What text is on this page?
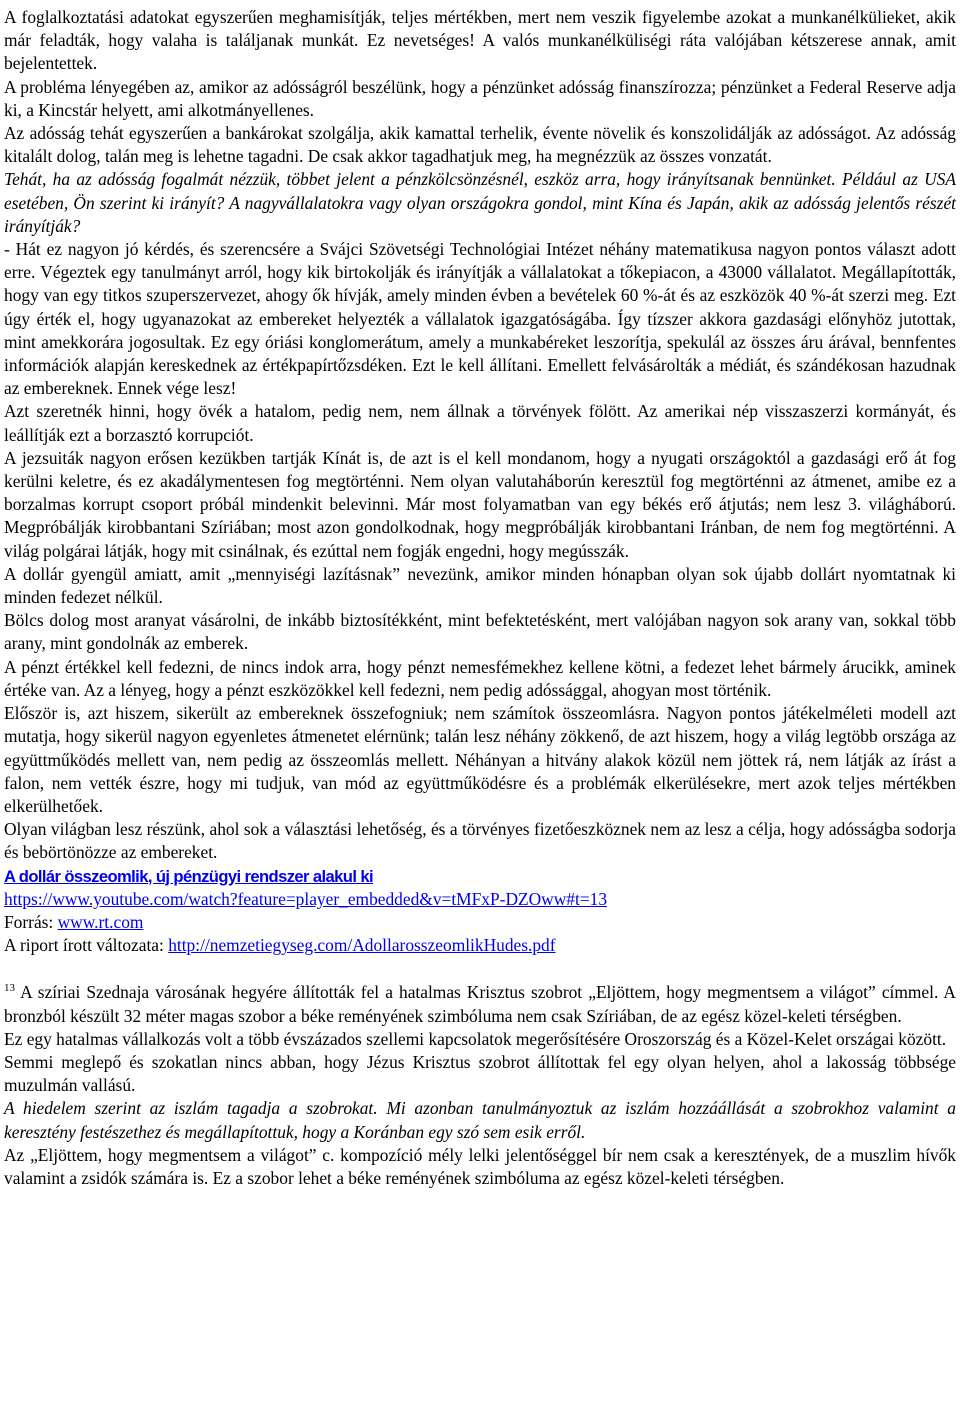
A foglalkoztatási adatokat egyszerűen meghamisítják, teljes mértékben, mert nem veszik figyelembe azokat a munkanélkülieket, akik már feladták, hogy valaha is találjanak munkát. Ez nevetséges! A valós munkanélküliségi ráta valójában kétszerese annak, amit bejelentettek.

A probléma lényegében az, amikor az adósságról beszélünk, hogy a pénzünket adósság finanszírozza; pénzünket a Federal Reserve adja ki, a Kincstár helyett, ami alkotmányellenes.

Az adósság tehát egyszerűen a bankárokat szolgálja, akik kamattal terhelik, évente növelik és konszolidálják az adósságot. Az adósság kitalált dolog, talán meg is lehetne tagadni. De csak akkor tagadhatjuk meg, ha megnézzük az összes vonzatát.

Tehát, ha az adósság fogalmát nézzük, többet jelent a pénzkölcsönzésnél, eszköz arra, hogy irányítsanak bennünket. Például az USA esetében, Ön szerint ki irányít? A nagyvállalatokra vagy olyan országokra gondol, mint Kína és Japán, akik az adósság jelentős részét irányítják?

- Hát ez nagyon jó kérdés, és szerencsére a Svájci Szövetségi Technológiai Intézet néhány matematikusa nagyon pontos választ adott erre. Végeztek egy tanulmányt arról, hogy kik birtokolják és irányítják a vállalatokat a tőkepiacon, a 43000 vállalatot. Megállapították, hogy van egy titkos szuperszervezet, ahogy ők hívják, amely minden évben a bevételek 60 %-át és az eszközök 40 %-át szerzi meg. Ezt úgy érték el, hogy ugyanazokat az embereket helyezték a vállalatok igazgatóságába. Így tízszer akkora gazdasági előnyhöz jutottak, mint amekkorára jogosultak. Ez egy óriási konglomerátum, amely a munkabéreket leszorítja, spekulál az összes áru árával, bennfentes információk alapján kereskednek az értékpapírtőzsdéken. Ezt le kell állítani. Emellett felvásárolták a médiát, és szándékosan hazudnak az embereknek. Ennek vége lesz!

Azt szeretnék hinni, hogy övék a hatalom, pedig nem, nem állnak a törvények fölött. Az amerikai nép visszaszerzi kormányát, és leállítják ezt a borzasztó korrupciót.

A jezsuiták nagyon erősen kezükben tartják Kínát is, de azt is el kell mondanom, hogy a nyugati országoktól a gazdasági erő át fog kerülni keletre, és ez akadálymentesen fog megtörténni. Nem olyan valutaháborún keresztül fog megtörténni az átmenet, amibe ez a borzalmas korrupt csoport próbál mindenkit belevinni. Már most folyamatban van egy békés erő átjutás; nem lesz 3. világháború. Megpróbálják kirobbantani Szíriában; most azon gondolkodnak, hogy megpróbálják kirobbantani Iránban, de nem fog megtörténni. A világ polgárai látják, hogy mit csinálnak, és ezúttal nem fogják engedni, hogy megússzák.

A dollár gyengül amiatt, amit „mennyiségi lazításnak” nevezünk, amikor minden hónapban olyan sok újabb dollárt nyomtatnak ki minden fedezet nélkül.

Bölcs dolog most aranyat vásárolni, de inkább biztosítékként, mint befektetésként, mert valójában nagyon sok arany van, sokkal több arany, mint gondolnák az emberek.

A pénzt értékkel kell fedezni, de nincs indok arra, hogy pénzt nemesfémekhez kellene kötni, a fedezet lehet bármely árucikk, aminek értéke van. Az a lényeg, hogy a pénzt eszközökkel kell fedezni, nem pedig adóssággal, ahogyan most történik.

Először is, azt hiszem, sikerült az embereknek összefogniuk; nem számítok összeomlásra. Nagyon pontos játékelméleti modell azt mutatja, hogy sikerül nagyon egyenletes átmenetet elérnünk; talán lesz néhány zökkenő, de azt hiszem, hogy a világ legtöbb országa az együttműködés mellett van, nem pedig az összeomlás mellett. Néhányan a hitvány alakok közül nem jöttek rá, nem látják az írást a falon, nem vették észre, hogy mi tudjuk, van mód az együttműködésre és a problémák elkerülésekre, mert azok teljes mértékben elkerülhetőek.

Olyan világban lesz részünk, ahol sok a választási lehetőség, és a törvényes fizetőeszköznek nem az lesz a célja, hogy adósságba sodorja és bebörtönözze az embereket.

A dollár összeomlik, új pénzügyi rendszer alakul ki

https://www.youtube.com/watch?feature=player_embedded&v=tMFxP-DZOww#t=13

Forrás: www.rt.com

A riport írott változata: http://nemzetiegyseg.com/AdollarosszeomlikHudes.pdf

$^{13}$ A szíriai Szednaja városának hegyére állították fel a hatalmas Krisztus szobrot „Eljöttem, hogy megmentsem a világot” címmel. A bronzból készült 32 méter magas szobor a béke reményének szimbóluma nem csak Szíriában, de az egész közel-keleti térségben.

Ez egy hatalmas vállalkozás volt a több évszázados szellemi kapcsolatok megerősítésére Oroszország és a Közel-Kelet országai között.

Semmi meglepő és szokatlan nincs abban, hogy Jézus Krisztus szobrot állítottak fel egy olyan helyen, ahol a lakosság többsége muzulmán vallású.

A hiedelem szerint az iszlám tagadja a szobrokat. Mi azonban tanulmányoztuk az iszlám hozzáállását a szobrokhoz valamint a keresztény festészethez és megállapítottuk, hogy a Koránban egy szó sem esik erről.

Az „Eljöttem, hogy megmentsem a világot” c. kompozíció mély lelki jelentőséggel bír nem csak a keresztények, de a muszlim hívők valamint a zsidók számára is. Ez a szobor lehet a béke reményének szimbóluma az egész közel-keleti térségben.
